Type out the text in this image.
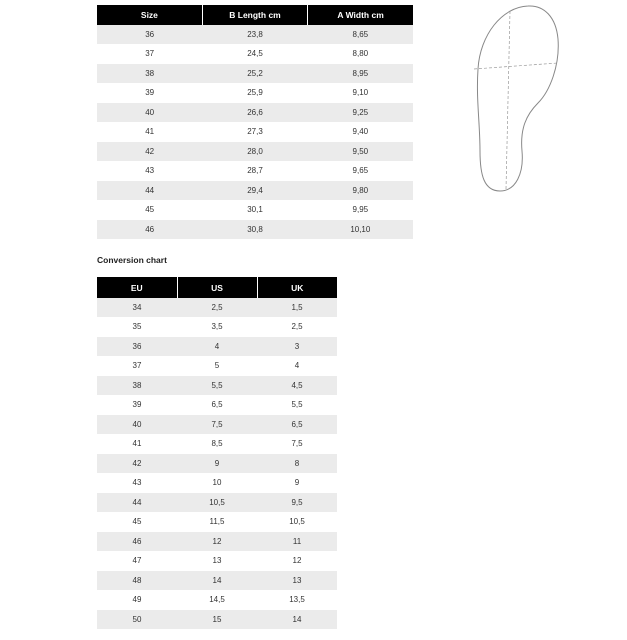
Size	B Length cm	A Width cm
36	23,8	8,65
37	24,5	8,80
38	25,2	8,95
39	25,9	9,10
40	26,6	9,25
41	27,3	9,40
42	28,0	9,50
43	28,7	9,65
44	29,4	9,80
45	30,1	9,95
46	30,8	10,10
Conversion chart
EU	US	UK
34	2,5	1,5
35	3,5	2,5
36	4	3
37	5	4
38	5,5	4,5
39	6,5	5,5
40	7,5	6,5
41	8,5	7,5
42	9	8
43	10	9
44	10,5	9,5
45	11,5	10,5
46	12	11
47	13	12
48	14	13
49	14,5	13,5
50	15	14
